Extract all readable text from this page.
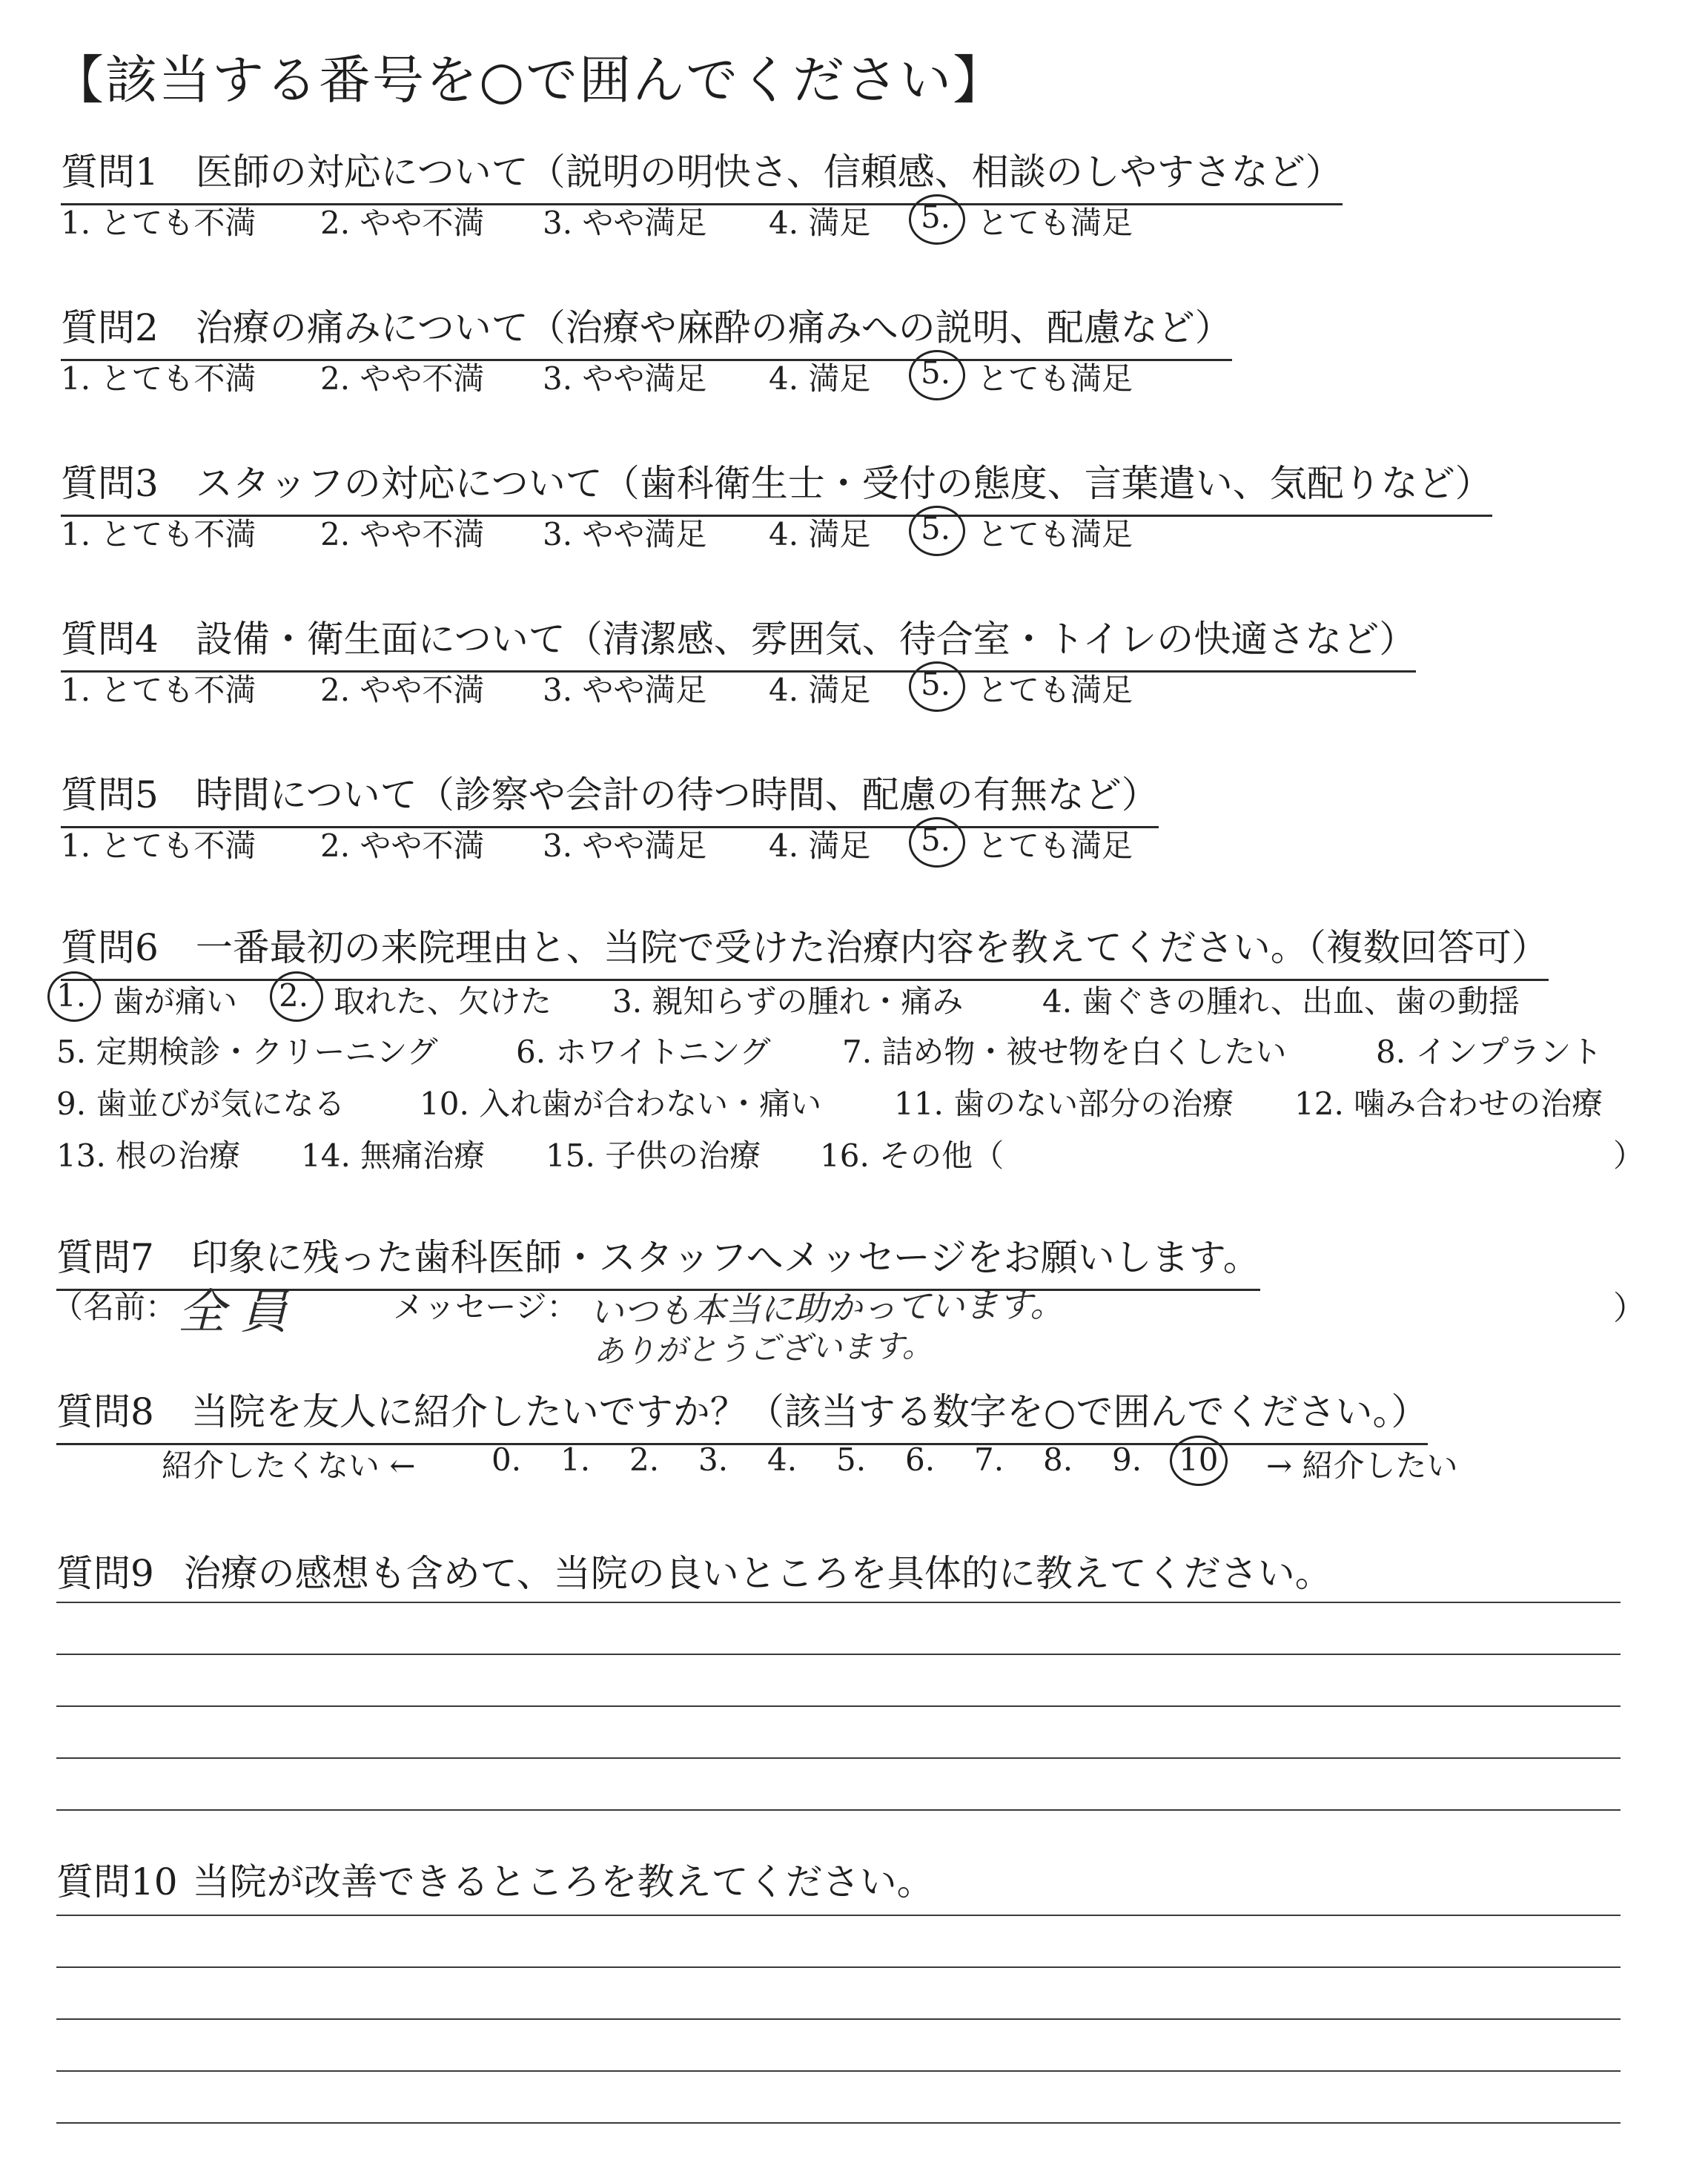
【該当する番号を○で囲んでください】
質問1 医師の対応について（説明の明快さ、信頼感、相談のしやすさなど）
1. とても不満 2. やや不満 3. やや満足 4. 満足 5. とても満足
質問2 治療の痛みについて（治療や麻酔の痛みへの説明、配慮など）
1. とても不満 2. やや不満 3. やや満足 4. 満足 5. とても満足
質問3 スタッフの対応について（歯科衛生士・受付の態度、言葉遣い、気配りなど）
1. とても不満 2. やや不満 3. やや満足 4. 満足 5. とても満足
質問4 設備・衛生面について（清潔感、雰囲気、待合室・トイレの快適さなど）
1. とても不満 2. やや不満 3. やや満足 4. 満足 5. とても満足
質問5 時間について（診察や会計の待つ時間、配慮の有無など）
1. とても不満 2. やや不満 3. やや満足 4. 満足 5. とても満足
質問6 一番最初の来院理由と、当院で受けた治療内容を教えてください。（複数回答可）
1. 歯が痛い 2. 取れた、欠けた 3. 親知らずの腫れ・痛み	4. 歯ぐきの腫れ、出血、歯の動揺
5. 定期検診・クリーニング	6. ホワイトニング 7. 詰め物・被せ物を白くしたい	8. インプラント
9. 歯並びが気になる 10. 入れ歯が合わない・痛い 11. 歯のない部分の治療 12. 噛み合わせの治療
13. 根の治療 14. 無痛治療 15. 子供の治療 16. その他（	）
質問7 印象に残った歯科医師・スタッフへメッセージをお願いします。
（名前： 全員	メッセージ： いつも本当に助かっています。
ありがとうございます。
）
質問8 当院を友人に紹介したいですか？（該当する数字を○で囲んでください。）
紹介したくない ← 0. 1. 2. 3. 4. 5. 6. 7. 8. 9. 10 → 紹介したい
質問9 治療の感想も含めて、当院の良いところを具体的に教えてください。
質問10 当院が改善できるところを教えてください。
